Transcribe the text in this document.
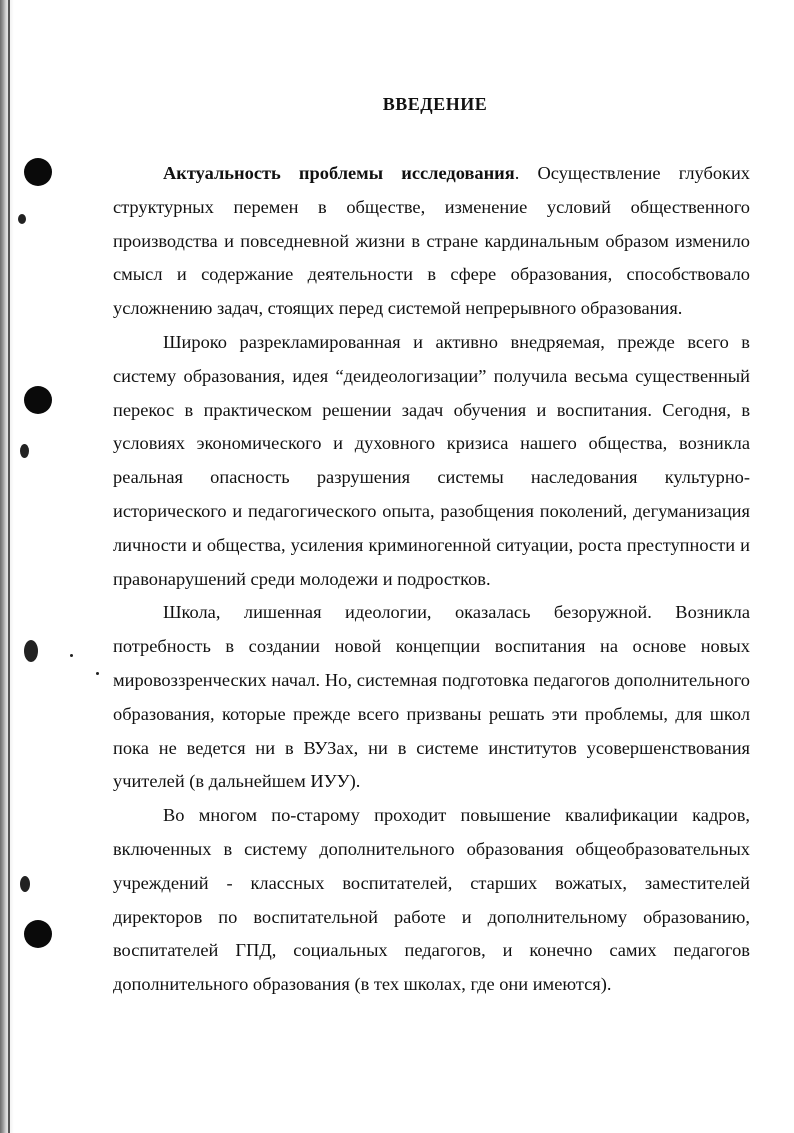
ВВЕДЕНИЕ

Актуальность проблемы исследования. Осуществление глубоких структурных перемен в обществе, изменение условий общественного производства и повседневной жизни в стране кардинальным образом изменило смысл и содержание деятельности в сфере образования, способствовало усложнению задач, стоящих перед системой непрерывного образования.

Широко разрекламированная и активно внедряемая, прежде всего в систему образования, идея “деидеологизации” получила весьма существенный перекос в практическом решении задач обучения и воспитания. Сегодня, в условиях экономического и духовного кризиса нашего общества, возникла реальная опасность разрушения системы наследования культурно-исторического и педагогического опыта, разобщения поколений, дегуманизация личности и общества, усиления криминогенной ситуации, роста преступности и правонарушений среди молодежи и подростков.

Школа, лишенная идеологии, оказалась безоружной. Возникла потребность в создании новой концепции воспитания на основе новых мировоззренческих начал. Но, системная подготовка педагогов дополнительного образования, которые прежде всего призваны решать эти проблемы, для школ пока не ведется ни в ВУЗах, ни в системе институтов усовершенствования учителей (в дальнейшем ИУУ).

Во многом по-старому проходит повышение квалификации кадров, включенных в систему дополнительного образования общеобразовательных учреждений - классных воспитателей, старших вожатых, заместителей директоров по воспитательной работе и дополнительному образованию, воспитателей ГПД, социальных педагогов, и конечно самих педагогов дополнительного образования (в тех школах, где они имеются).
